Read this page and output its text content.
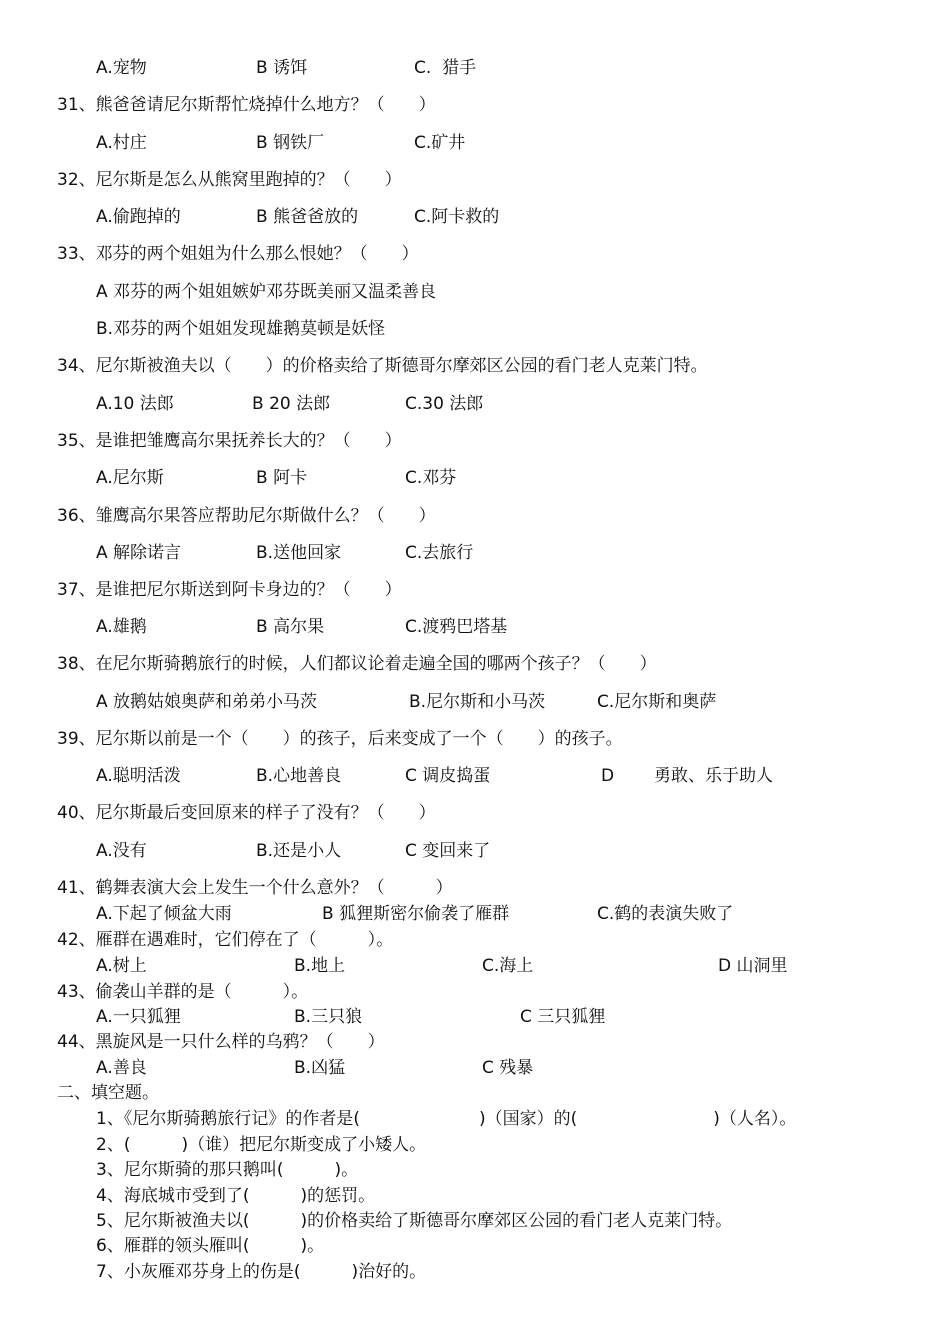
A.宠物	B 诱饵	C.  猎手
31、熊爸爸请尼尔斯帮忙烧掉什么地方？（　　）
A.村庄	B 钢铁厂	C.矿井
32、尼尔斯是怎么从熊窝里跑掉的？（　　）
A.偷跑掉的	B 熊爸爸放的	C.阿卡救的
33、邓芬的两个姐姐为什么那么恨她？（　　）
A 邓芬的两个姐姐嫉妒邓芬既美丽又温柔善良
B.邓芬的两个姐姐发现雄鹅莫顿是妖怪
34、尼尔斯被渔夫以（　　）的价格卖给了斯德哥尔摩郊区公园的看门老人克莱门特。
A.10 法郎	B 20 法郎	C.30 法郎
35、是谁把雏鹰高尔果抚养长大的？（　　）
A.尼尔斯	B 阿卡	C.邓芬
36、雏鹰高尔果答应帮助尼尔斯做什么？（　　）
A 解除诺言	B.送他回家	C.去旅行
37、是谁把尼尔斯送到阿卡身边的？（　　）
A.雄鹅	B 高尔果	C.渡鸦巴塔基
38、在尼尔斯骑鹅旅行的时候，人们都议论着走遍全国的哪两个孩子？（　　）
A 放鹅姑娘奥萨和弟弟小马茨	B.尼尔斯和小马茨	C.尼尔斯和奥萨
39、尼尔斯以前是一个（　　）的孩子，后来变成了一个（　　）的孩子。
A.聪明活泼	B.心地善良	C 调皮捣蛋	D 勇敢、乐于助人
40、尼尔斯最后变回原来的样子了没有？（　　）
A.没有	B.还是小人	C 变回来了
41、鹤舞表演大会上发生一个什么意外？（　　　）
A.下起了倾盆大雨	B 狐狸斯密尔偷袭了雁群	C.鹤的表演失败了
42、雁群在遇难时，它们停在了（　　　）。
A.树上	B.地上	C.海上	D 山洞里
43、偷袭山羊群的是（　　　）。
A.一只狐狸	B.三只狼	C 三只狐狸
44、黑旋风是一只什么样的乌鸦？（　　）
A.善良	B.凶猛	C 残暴
二、填空题。
1、《尼尔斯骑鹅旅行记》的作者是(　　　　　　　)（国家）的(　　　　　　　　)（人名）。
2、(　　　)（谁）把尼尔斯变成了小矮人。
3、尼尔斯骑的那只鹅叫(　　　)。
4、海底城市受到了(　　　)的惩罚。
5、尼尔斯被渔夫以(　　　)的价格卖给了斯德哥尔摩郊区公园的看门老人克莱门特。
6、雁群的领头雁叫(　　　)。
7、小灰雁邓芬身上的伤是(　　　)治好的。
